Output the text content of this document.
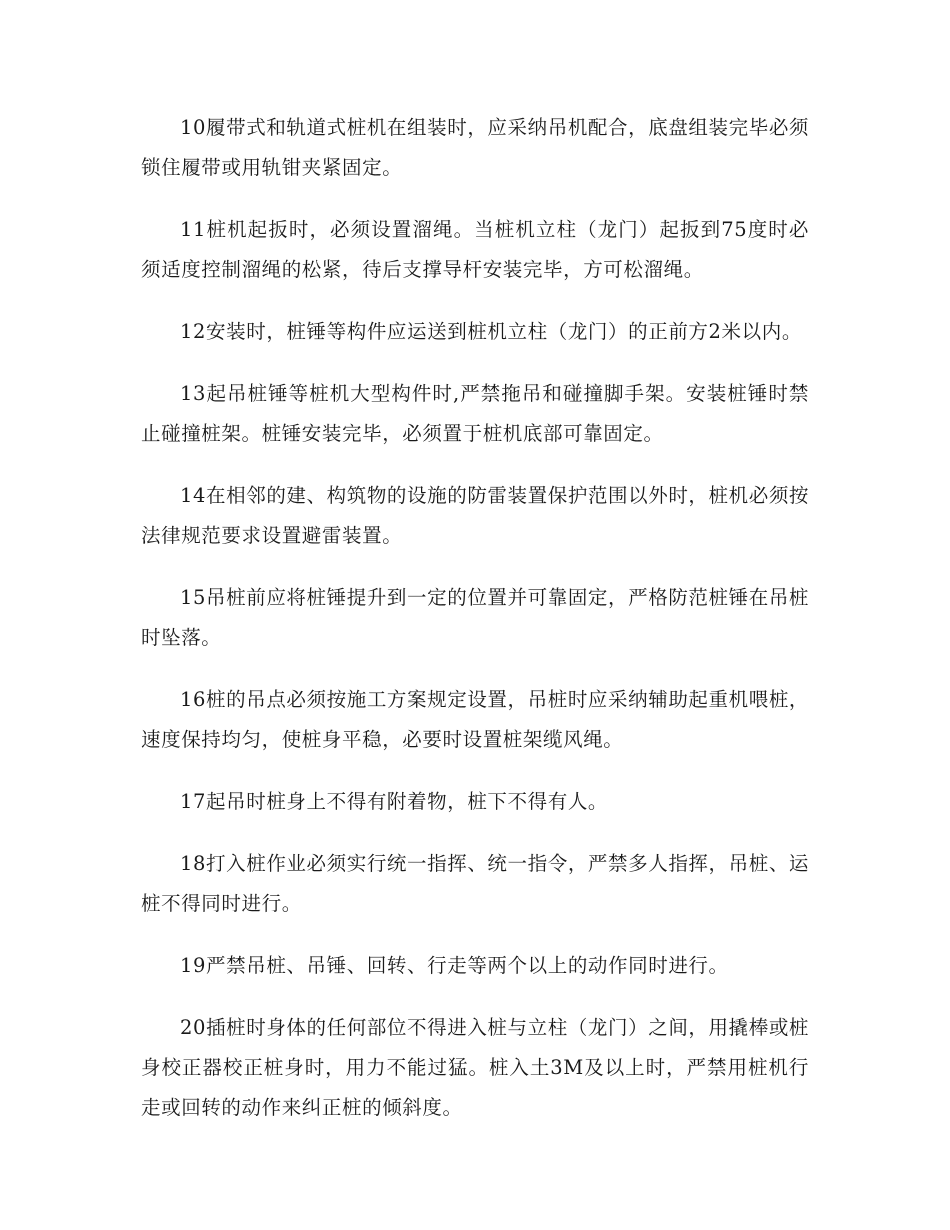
10履带式和轨道式桩机在组装时，应采纳吊机配合，底盘组装完毕必须锁住履带或用轨钳夹紧固定。

11桩机起扳时，必须设置溜绳。当桩机立柱（龙门）起扳到75度时必须适度控制溜绳的松紧，待后支撑导杆安装完毕，方可松溜绳。

12安装时，桩锤等构件应运送到桩机立柱（龙门）的正前方2米以内。

13起吊桩锤等桩机大型构件时,严禁拖吊和碰撞脚手架。安装桩锤时禁止碰撞桩架。桩锤安装完毕，必须置于桩机底部可靠固定。

14在相邻的建、构筑物的设施的防雷装置保护范围以外时，桩机必须按法律规范要求设置避雷装置。

15吊桩前应将桩锤提升到一定的位置并可靠固定，严格防范桩锤在吊桩时坠落。

16桩的吊点必须按施工方案规定设置，吊桩时应采纳辅助起重机喂桩，速度保持均匀，使桩身平稳，必要时设置桩架缆风绳。

17起吊时桩身上不得有附着物，桩下不得有人。

18打入桩作业必须实行统一指挥、统一指令，严禁多人指挥，吊桩、运桩不得同时进行。

19严禁吊桩、吊锤、回转、行走等两个以上的动作同时进行。

20插桩时身体的任何部位不得进入桩与立柱（龙门）之间，用撬棒或桩身校正器校正桩身时，用力不能过猛。桩入土3M及以上时，严禁用桩机行走或回转的动作来纠正桩的倾斜度。
